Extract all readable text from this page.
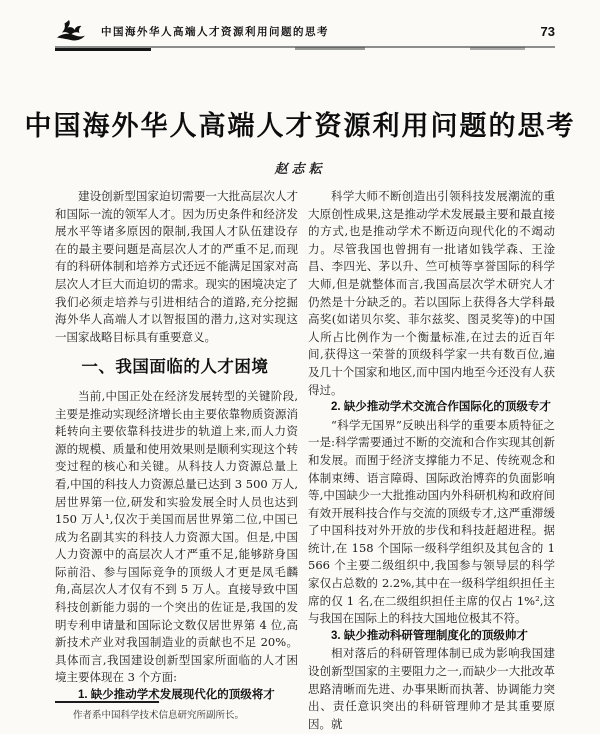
中国海外华人高端人才资源利用问题的思考	73
中国海外华人高端人才资源利用问题的思考
赵志耘

建设创新型国家迫切需要一大批高层次人才和国际一流的领军人才。因为历史条件和经济发展水平等诸多原因的限制,我国人才队伍建设存在的最主要问题是高层次人才的严重不足,而现有的科研体制和培养方式还远不能满足国家对高层次人才巨大而迫切的需求。现实的困境决定了我们必须走培养与引进相结合的道路,充分挖掘海外华人高端人才以智报国的潜力,这对实现这一国家战略目标具有重要意义。

一、我国面临的人才困境

当前,中国正处在经济发展转型的关键阶段,主要是推动实现经济增长由主要依靠物质资源消耗转向主要依靠科技进步的轨道上来,而人力资源的规模、质量和使用效果则是顺利实现这个转变过程的核心和关键。从科技人力资源总量上看,中国的科技人力资源总量已达到 3 500 万人,居世界第一位,研发和实验发展全时人员也达到 150 万人¹,仅次于美国而居世界第二位,中国已成为名副其实的科技人力资源大国。但是,中国人力资源中的高层次人才严重不足,能够跻身国际前沿、参与国际竞争的顶级人才更是凤毛麟角,高层次人才仅有不到 5 万人。直接导致中国科技创新能力弱的一个突出的佐证是,我国的发明专利申请量和国际论文数仅居世界第 4 位,高新技术产业对我国制造业的贡献也不足 20%。具体而言,我国建设创新型国家所面临的人才困境主要体现在 3 个方面:

1. 缺少推动学术发展现代化的顶级将才

科学大师不断创造出引领科技发展潮流的重大原创性成果,这是推动学术发展最主要和最直接的方式,也是推动学术不断迈向现代化的不竭动力。尽管我国也曾拥有一批诸如钱学森、王淦昌、李四光、茅以升、竺可桢等享誉国际的科学大师,但是就整体而言,我国高层次学术研究人才仍然是十分缺乏的。若以国际上获得各大学科最高奖(如诺贝尔奖、菲尔兹奖、图灵奖等)的中国人所占比例作为一个衡量标准,在过去的近百年间,获得这一荣誉的顶级科学家一共有数百位,遍及几十个国家和地区,而中国内地至今还没有人获得过。

2. 缺少推动学术交流合作国际化的顶级专才

“科学无国界”反映出科学的重要本质特征之一是:科学需要通过不断的交流和合作实现其创新和发展。而囿于经济支撑能力不足、传统观念和体制束缚、语言障碍、国际政治博弈的负面影响等,中国缺少一大批推动国内外科研机构和政府间有效开展科技合作与交流的顶级专才,这严重滞缓了中国科技对外开放的步伐和科技赶超进程。据统计,在 158 个国际一级科学组织及其包含的 1 566 个主要二级组织中,我国参与领导层的科学家仅占总数的 2.2%,其中在一级科学组织担任主席的仅 1 名,在二级组织担任主席的仅占 1%²,这与我国在国际上的科技大国地位极其不符。

3. 缺少推动科研管理制度化的顶级帅才

相对落后的科研管理体制已成为影响我国建设创新型国家的主要阻力之一,而缺少一大批改革思路清晰而先进、办事果断而执著、协调能力突出、责任意识突出的科研管理帅才是其重要原因。就

作者系中国科学技术信息研究所副所长。
